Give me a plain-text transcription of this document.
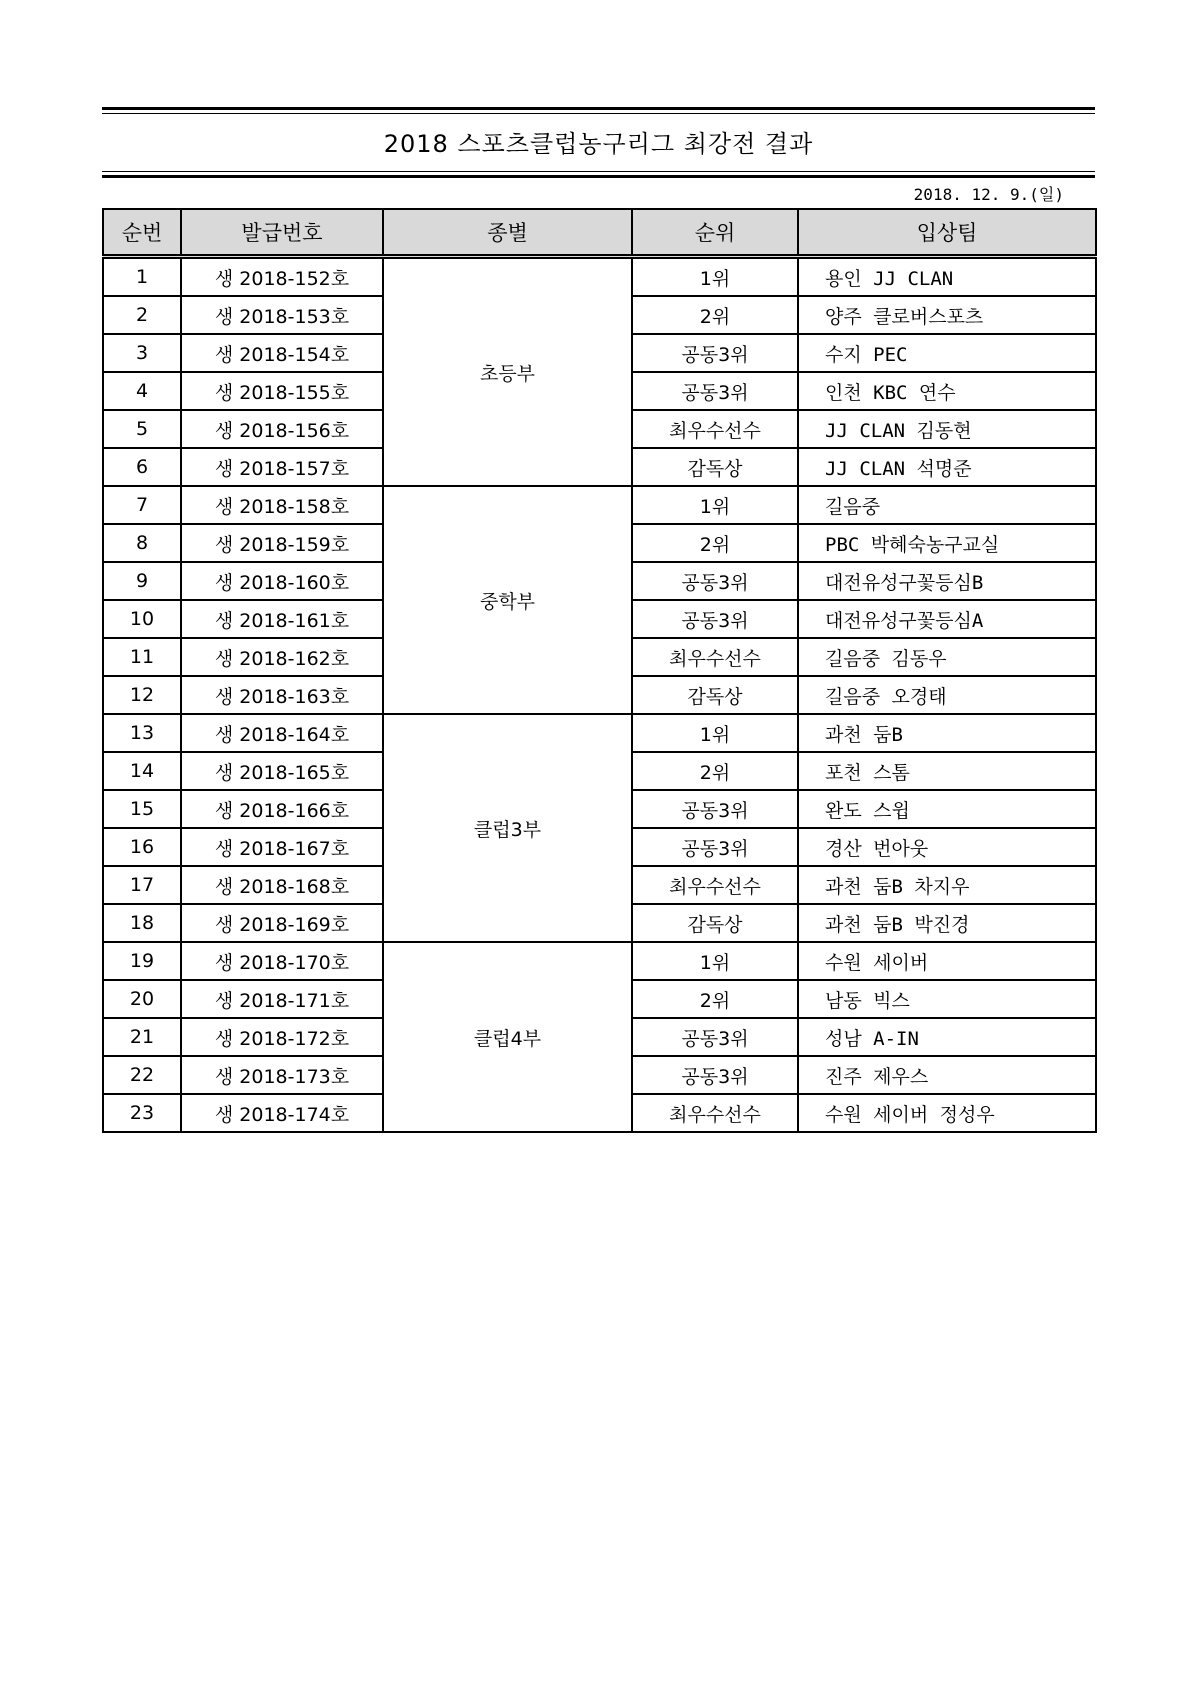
2018 스포츠클럽농구리그 최강전 결과
2018. 12. 9.(일)
순번	발급번호	종별	순위	입상팀
1	생 2018-152호	초등부	1위	용인 JJ CLAN
2	생 2018-153호		2위	양주 클로버스포츠
3	생 2018-154호		공동3위	수지 PEC
4	생 2018-155호		공동3위	인천 KBC 연수
5	생 2018-156호		최우수선수	JJ CLAN 김동현
6	생 2018-157호		감독상	JJ CLAN 석명준
7	생 2018-158호	중학부	1위	길음중
8	생 2018-159호		2위	PBC 박혜숙농구교실
9	생 2018-160호		공동3위	대전유성구꽃등심B
10	생 2018-161호		공동3위	대전유성구꽃등심A
11	생 2018-162호		최우수선수	길음중 김동우
12	생 2018-163호		감독상	길음중 오경태
13	생 2018-164호	클럽3부	1위	과천 둠B
14	생 2018-165호		2위	포천 스톰
15	생 2018-166호		공동3위	완도 스윕
16	생 2018-167호		공동3위	경산 번아웃
17	생 2018-168호		최우수선수	과천 둠B 차지우
18	생 2018-169호		감독상	과천 둠B 박진경
19	생 2018-170호	클럽4부	1위	수원 세이버
20	생 2018-171호		2위	남동 빅스
21	생 2018-172호		공동3위	성남 A-IN
22	생 2018-173호		공동3위	진주 제우스
23	생 2018-174호		최우수선수	수원 세이버 정성우
